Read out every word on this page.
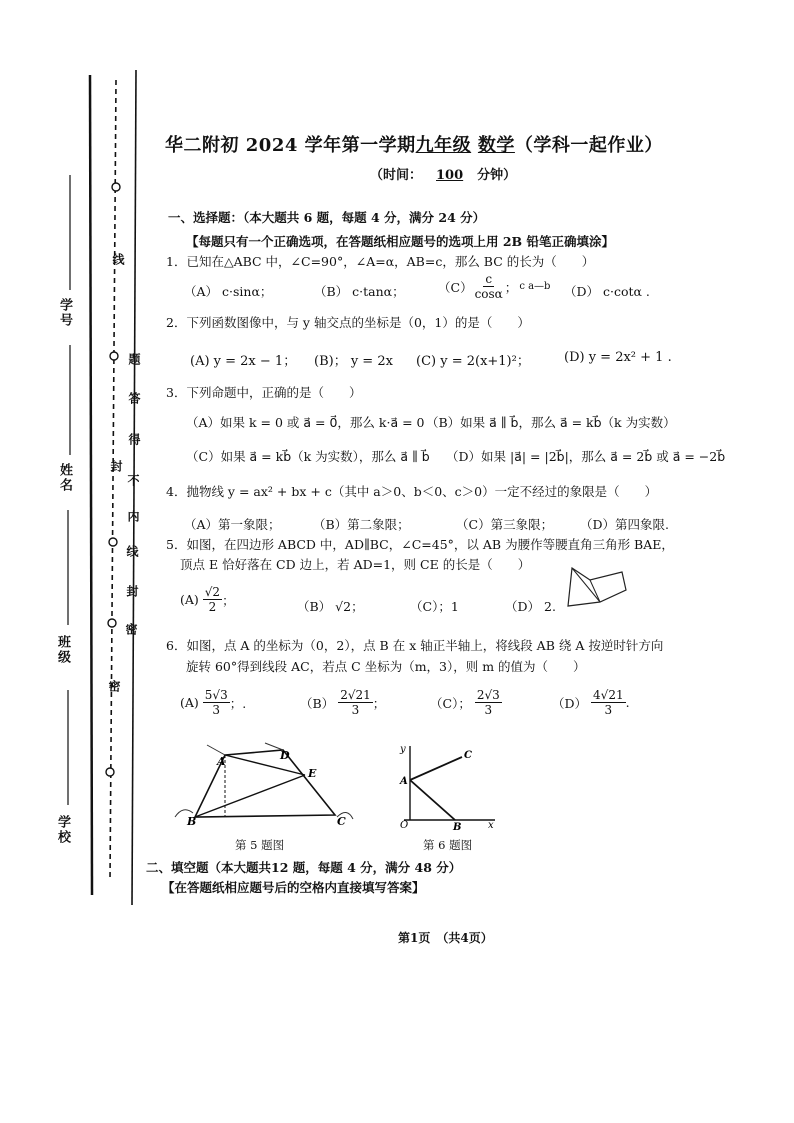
学号
姓名
班级
学校
线
封
密
题
答
得
不
内
线
封
密
华二附初 2024 学年第一学期九年级 数学（学科一起作业）
（时间： 100 分钟）
一、选择题：（本大题共 6 题，每题 4 分，满分 24 分）
【每题只有一个正确选项，在答题纸相应题号的选项上用 2B 铅笔正确填涂】
1．已知在△ABC 中，∠C=90°，∠A=α，AB=c，那么 BC 的长为（　　）
（A） c·sinα；	（B） c·tanα；	$(C) \frac{c}{\cos\alpha}$ ； c a—b （D） c·cotα .
2．下列函数图像中，与 y 轴交点的坐标是（0，1）的是（　　）
(A) y = 2x − 1； (B)； y = 2x (C) y = 2(x+1)²；	(D) y = 2x² + 1 .
3．下列命题中，正确的是（　　）
（A）如果 k = 0 或 a⃗ = 0⃗，那么 k·a⃗ = 0 （B）如果 a⃗ ∥ b⃗，那么 a⃗ = kb⃗（k 为实数）
（C）如果 a⃗ = kb⃗（k 为实数），那么 a⃗ ∥ b⃗ （D）如果 |a⃗| = |2b⃗|，那么 a⃗ = 2b⃗ 或 a⃗ = −2b⃗
4．抛物线 y = ax² + bx + c（其中 a＞0、b＜0、c＞0）一定不经过的象限是（　　）
（A）第一象限；	（B）第二象限；	（C）第三象限； （D）第四象限.
5．如图，在四边形 ABCD 中，AD∥BC，∠C=45°，以 AB 为腰作等腰直角三角形 BAE，
顶点 E 恰好落在 CD 边上，若 AD=1，则 CE 的长是（　　）
$(A) \frac{√2}{2}$ ；	（B） √2；	（C）；1	（D） 2.
6．如图，点 A 的坐标为（0，2），点 B 在 x 轴正半轴上，将线段 AB 绕 A 按逆时针方向
旋转 60°得到线段 AC，若点 C 坐标为（m，3），则 m 的值为（　　）
$(A) \frac{5√3}{3}$ ；.	$(B) \frac{2√21}{3}$ ；	（C）； $\frac{2√3}{3}$	$(D) \frac{4√21}{3}$ .
A	D
E
B	C
第 5 题图
y
A
C
O	B	x
第 6 题图
二、填空题（本大题共12 题，每题 4 分，满分 48 分）
【在答题纸相应题号后的空格内直接填写答案】
第1页　（共4页）
